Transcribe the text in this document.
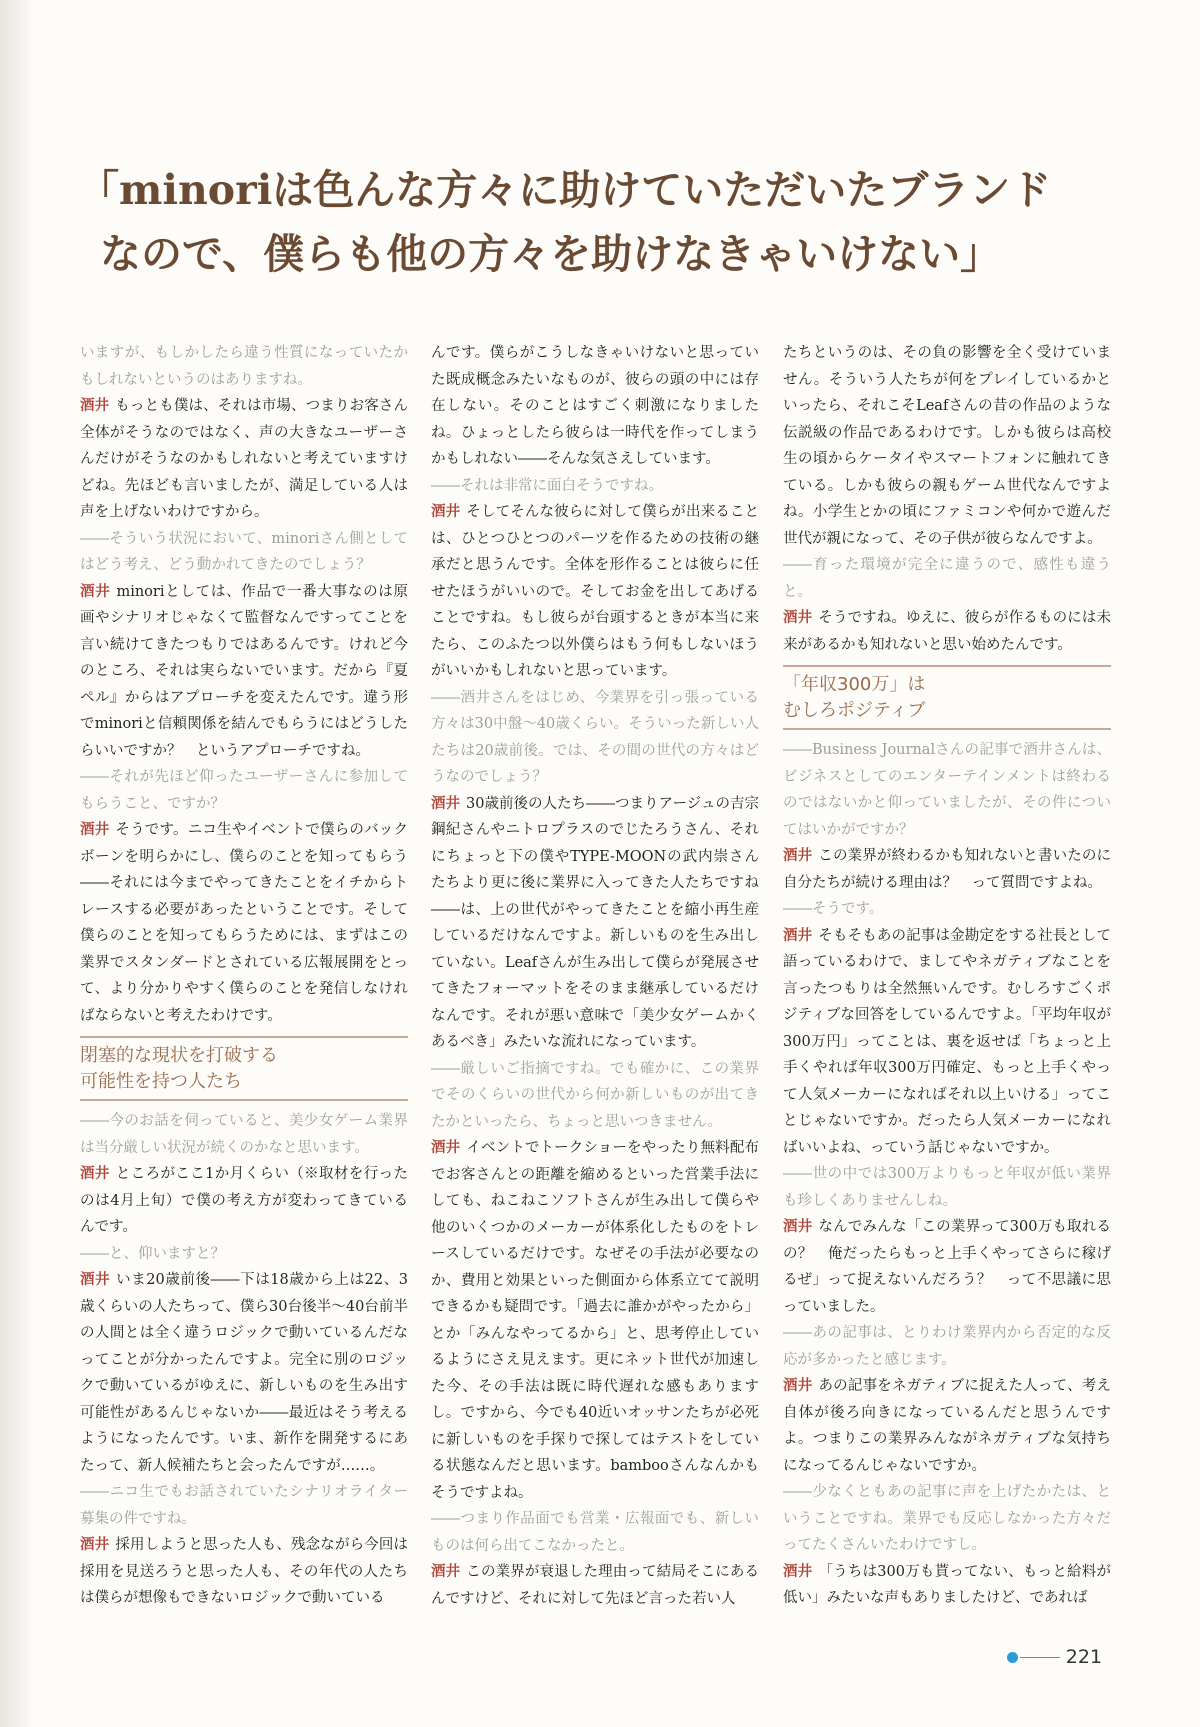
「minoriは色んな方々に助けていただいたブランド
なので、僕らも他の方々を助けなきゃいけない」

いますが、もしかしたら違う性質になっていたかもしれないというのはありますね。

酒井 もっとも僕は、それは市場、つまりお客さん全体がそうなのではなく、声の大きなユーザーさんだけがそうなのかもしれないと考えていますけどね。先ほども言いましたが、満足している人は声を上げないわけですから。

――そういう状況において、minoriさん側としてはどう考え、どう動かれてきたのでしょう？

酒井 minoriとしては、作品で一番大事なのは原画やシナリオじゃなくて監督なんですってことを言い続けてきたつもりではあるんです。けれど今のところ、それは実らないでいます。だから『夏ペル』からはアプローチを変えたんです。違う形でminoriと信頼関係を結んでもらうにはどうしたらいいですか？　というアプローチですね。

――それが先ほど仰ったユーザーさんに参加してもらうこと、ですか？

酒井 そうです。ニコ生やイベントで僕らのバックボーンを明らかにし、僕らのことを知ってもらう――それには今までやってきたことをイチからトレースする必要があったということです。そして僕らのことを知ってもらうためには、まずはこの業界でスタンダードとされている広報展開をとって、より分かりやすく僕らのことを発信しなければならないと考えたわけです。

閉塞的な現状を打破する
可能性を持つ人たち

――今のお話を伺っていると、美少女ゲーム業界は当分厳しい状況が続くのかなと思います。

酒井 ところがここ1か月くらい（※取材を行ったのは4月上旬）で僕の考え方が変わってきているんです。

――と、仰いますと？

酒井 いま20歳前後――下は18歳から上は22、3歳くらいの人たちって、僕ら30台後半～40台前半の人間とは全く違うロジックで動いているんだなってことが分かったんですよ。完全に別のロジックで動いているがゆえに、新しいものを生み出す可能性があるんじゃないか――最近はそう考えるようになったんです。いま、新作を開発するにあたって、新人候補たちと会ったんですが……。

――ニコ生でもお話されていたシナリオライター募集の件ですね。

酒井 採用しようと思った人も、残念ながら今回は採用を見送ろうと思った人も、その年代の人たちは僕らが想像もできないロジックで動いている

んです。僕らがこうしなきゃいけないと思っていた既成概念みたいなものが、彼らの頭の中には存在しない。そのことはすごく刺激になりましたね。ひょっとしたら彼らは一時代を作ってしまうかもしれない――そんな気さえしています。

――それは非常に面白そうですね。

酒井 そしてそんな彼らに対して僕らが出来ることは、ひとつひとつのパーツを作るための技術の継承だと思うんです。全体を形作ることは彼らに任せたほうがいいので。そしてお金を出してあげることですね。もし彼らが台頭するときが本当に来たら、このふたつ以外僕らはもう何もしないほうがいいかもしれないと思っています。

――酒井さんをはじめ、今業界を引っ張っている方々は30中盤～40歳くらい。そういった新しい人たちは20歳前後。では、その間の世代の方々はどうなのでしょう？

酒井 30歳前後の人たち――つまりアージュの吉宗鋼紀さんやニトロプラスのでじたろうさん、それにちょっと下の僕やTYPE-MOONの武内崇さんたちより更に後に業界に入ってきた人たちですね――は、上の世代がやってきたことを縮小再生産しているだけなんですよ。新しいものを生み出していない。Leafさんが生み出して僕らが発展させてきたフォーマットをそのまま継承しているだけなんです。それが悪い意味で「美少女ゲームかくあるべき」みたいな流れになっています。

――厳しいご指摘ですね。でも確かに、この業界でそのくらいの世代から何か新しいものが出てきたかといったら、ちょっと思いつきません。

酒井 イベントでトークショーをやったり無料配布でお客さんとの距離を縮めるといった営業手法にしても、ねこねこソフトさんが生み出して僕らや他のいくつかのメーカーが体系化したものをトレースしているだけです。なぜその手法が必要なのか、費用と効果といった側面から体系立てて説明できるかも疑問です。「過去に誰かがやったから」とか「みんなやってるから」と、思考停止しているようにさえ見えます。更にネット世代が加速した今、その手法は既に時代遅れな感もありますし。ですから、今でも40近いオッサンたちが必死に新しいものを手探りで探してはテストをしている状態なんだと思います。bambooさんなんかもそうですよね。

――つまり作品面でも営業・広報面でも、新しいものは何ら出てこなかったと。

酒井 この業界が衰退した理由って結局そこにあるんですけど、それに対して先ほど言った若い人

たちというのは、その負の影響を全く受けていません。そういう人たちが何をプレイしているかといったら、それこそLeafさんの昔の作品のような伝説級の作品であるわけです。しかも彼らは高校生の頃からケータイやスマートフォンに触れてきている。しかも彼らの親もゲーム世代なんですよね。小学生とかの頃にファミコンや何かで遊んだ世代が親になって、その子供が彼らなんですよ。

――育った環境が完全に違うので、感性も違うと。

酒井 そうですね。ゆえに、彼らが作るものには未来があるかも知れないと思い始めたんです。

「年収300万」は
むしろポジティブ

――Business Journalさんの記事で酒井さんは、ビジネスとしてのエンターテインメントは終わるのではないかと仰っていましたが、その件についてはいかがですか？

酒井 この業界が終わるかも知れないと書いたのに自分たちが続ける理由は？　って質問ですよね。

――そうです。

酒井 そもそもあの記事は金勘定をする社長として語っているわけで、ましてやネガティブなことを言ったつもりは全然無いんです。むしろすごくポジティブな回答をしているんですよ。「平均年収が300万円」ってことは、裏を返せば「ちょっと上手くやれば年収300万円確定、もっと上手くやって人気メーカーになればそれ以上いける」ってことじゃないですか。だったら人気メーカーになればいいよね、っていう話じゃないですか。

――世の中では300万よりもっと年収が低い業界も珍しくありませんしね。

酒井 なんでみんな「この業界って300万も取れるの？　俺だったらもっと上手くやってさらに稼げるぜ」って捉えないんだろう？　って不思議に思っていました。

――あの記事は、とりわけ業界内から否定的な反応が多かったと感じます。

酒井 あの記事をネガティブに捉えた人って、考え自体が後ろ向きになっているんだと思うんですよ。つまりこの業界みんながネガティブな気持ちになってるんじゃないですか。

――少なくともあの記事に声を上げたかたは、ということですね。業界でも反応しなかった方々だってたくさんいたわけですし。

酒井 「うちは300万も貰ってない、もっと給料が低い」みたいな声もありましたけど、であれば

221
